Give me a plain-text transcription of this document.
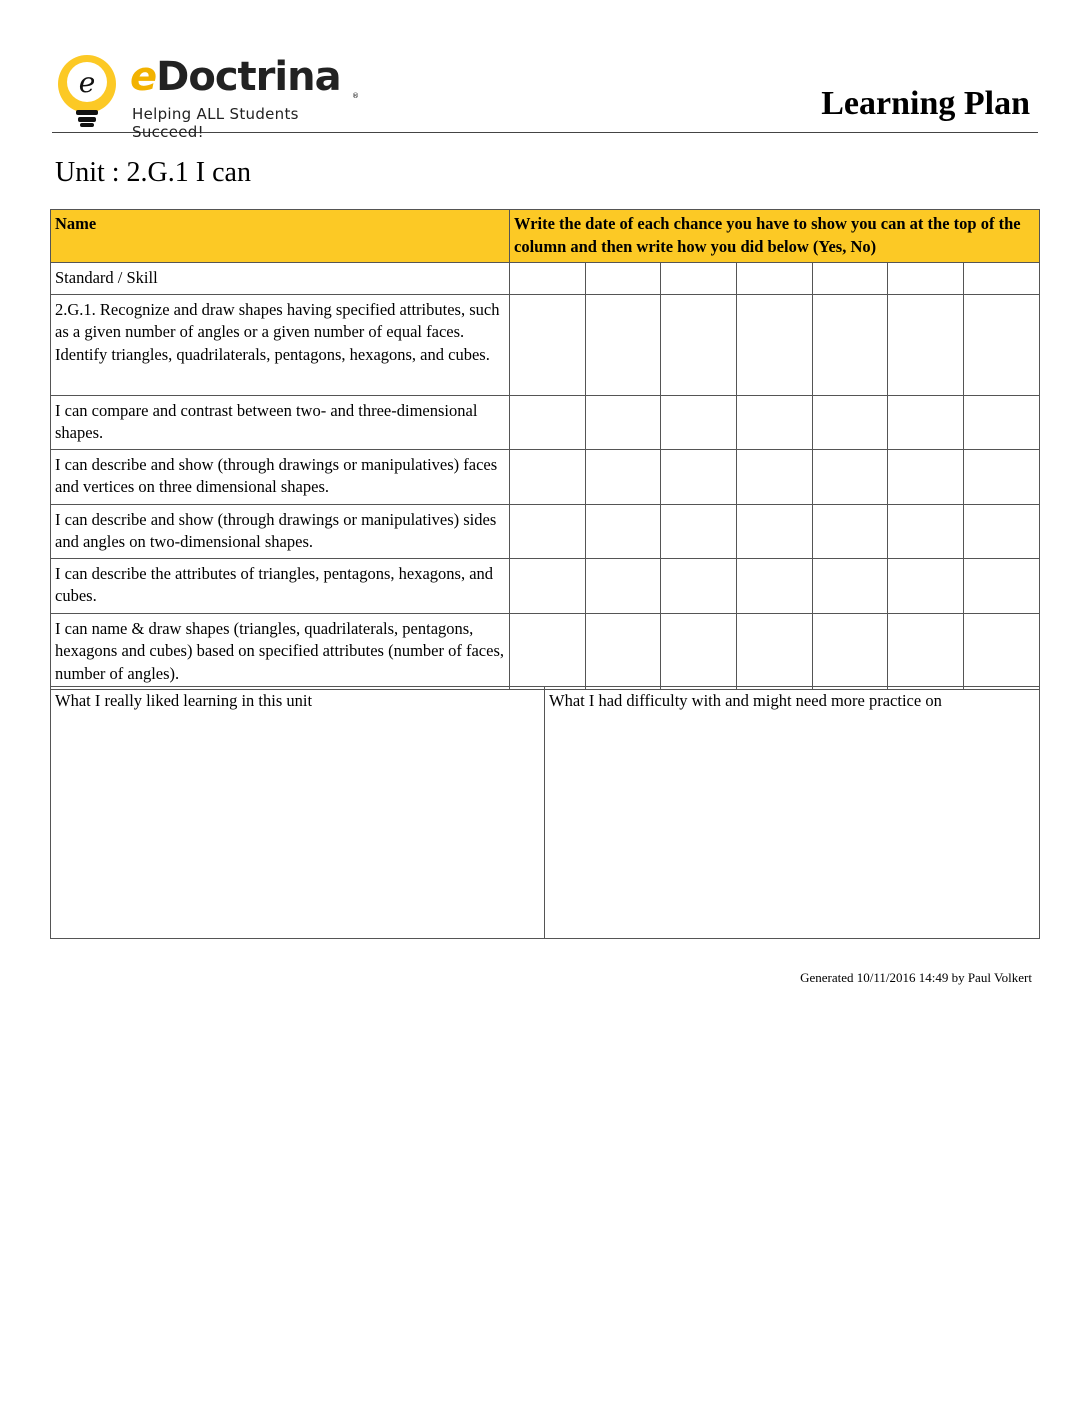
e eDoctrina ®
Helping ALL Students Succeed!
Learning Plan
Unit : 2.G.1 I can
Name	Write the date of each chance you have to show you can at the top of the column and then write how you did below (Yes, No)						
Standard / Skill							
2.G.1. Recognize and draw shapes having specified attributes, such as a given number of angles or a given number of equal faces. Identify triangles, quadrilaterals, pentagons, hexagons, and cubes.							
I can compare and contrast between two- and three-dimensional shapes.							
I can describe and show (through drawings or manipulatives) faces and vertices on three dimensional shapes.							
I can describe and show (through drawings or manipulatives) sides and angles on two-dimensional shapes.							
I can describe the attributes of triangles, pentagons, hexagons, and cubes.							
I can name & draw shapes (triangles, quadrilaterals, pentagons, hexagons and cubes) based on specified attributes (number of faces, number of angles).							
What I really liked learning in this unit	What I had difficulty with and might need more practice on
Generated 10/11/2016 14:49 by Paul Volkert
